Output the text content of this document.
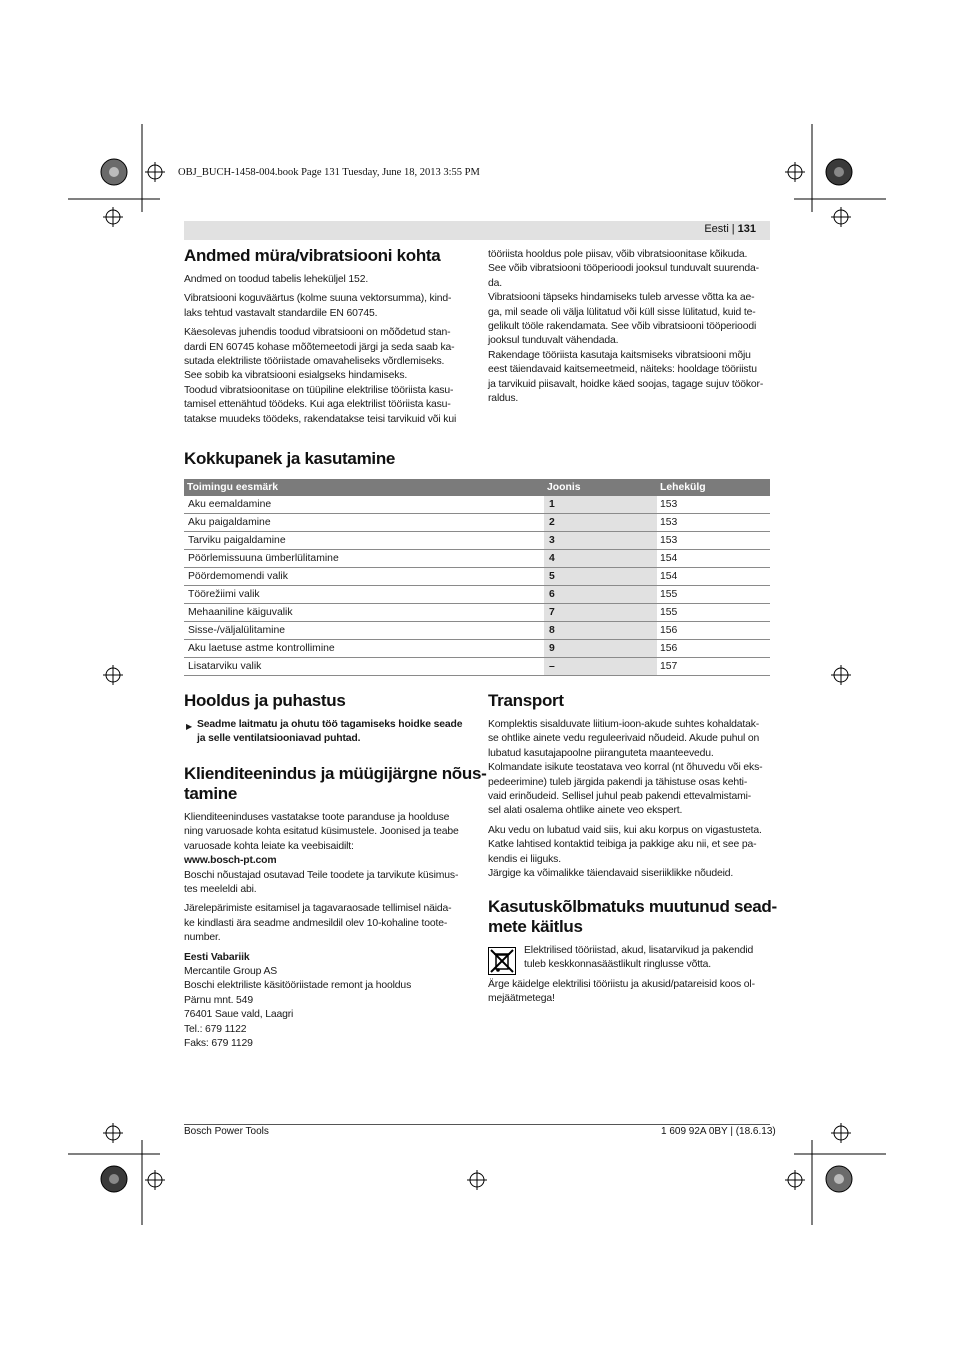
OBJ_BUCH-1458-004.book Page 131 Tuesday, June 18, 2013 3:55 PM
Eesti | 131
Andmed müra/vibratsiooni kohta

Andmed on toodud tabelis leheküljel 152.

Vibratsiooni koguväärtus (kolme suuna vektorsumma), kind-
laks tehtud vastavalt standardile EN 60745.

Käesolevas juhendis toodud vibratsiooni on mõõdetud stan-
dardi EN 60745 kohase mõõtemeetodi järgi ja seda saab ka-
sutada elektriliste tööriistade omavaheliseks võrdlemiseks.
See sobib ka vibratsiooni esialgseks hindamiseks.
Toodud vibratsioonitase on tüüpiline elektrilise tööriista kasu-
tamisel ettenähtud töödeks. Kui aga elektrilist tööriista kasu-
tatakse muudeks töödeks, rakendatakse teisi tarvikuid või kui

tööriista hooldus pole piisav, võib vibratsioonitase kõikuda.
See võib vibratsiooni tööperioodi jooksul tunduvalt suurenda-
da.
Vibratsiooni täpseks hindamiseks tuleb arvesse võtta ka ae-
ga, mil seade oli välja lülitatud või küll sisse lülitatud, kuid te-
gelikult tööle rakendamata. See võib vibratsiooni tööperioodi
jooksul tunduvalt vähendada.
Rakendage tööriista kasutaja kaitsmiseks vibratsiooni mõju
eest täiendavaid kaitsemeetmeid, näiteks: hooldage tööriistu
ja tarvikuid piisavalt, hoidke käed soojas, tagage sujuv töökor-
raldus.

Kokkupanek ja kasutamine
Toimingu eesmärk	Joonis	Lehekülg
Aku eemaldamine	1	153
Aku paigaldamine	2	153
Tarviku paigaldamine	3	153
Pöörlemissuuna ümberlülitamine	4	154
Pöördemomendi valik	5	154
Töörežiimi valik	6	155
Mehaaniline käiguvalik	7	155
Sisse-/väljalülitamine	8	156
Aku laetuse astme kontrollimine	9	156
Lisatarviku valik	–	157
Hooldus ja puhastus

▶ Seadme laitmatu ja ohutu töö tagamiseks hoidke seade
ja selle ventilatsiooniavad puhtad.

Klienditeenindus ja müügijärgne nõus-
tamine

Klienditeeninduses vastatakse toote paranduse ja hoolduse
ning varuosade kohta esitatud küsimustele. Joonised ja teabe
varuosade kohta leiate ka veebisaidilt:

www.bosch-pt.com

Boschi nõustajad osutavad Teile toodete ja tarvikute küsimus-
tes meeleldi abi.

Järelepärimiste esitamisel ja tagavaraosade tellimisel näida-
ke kindlasti ära seadme andmesildil olev 10-kohaline toote-
number.

Eesti Vabariik

Mercantile Group AS
Boschi elektriliste käsitööriistade remont ja hooldus
Pärnu mnt. 549
76401 Saue vald, Laagri
Tel.: 679 1122
Faks: 679 1129

Transport

Komplektis sisalduvate liitium-ioon-akude suhtes kohaldatak-
se ohtlike ainete vedu reguleerivaid nõudeid. Akude puhul on
lubatud kasutajapoolne piiranguteta maanteevedu.
Kolmandate isikute teostatava veo korral (nt õhuvedu või eks-
pedeerimine) tuleb järgida pakendi ja tähistuse osas kehti-
vaid erinõudeid. Sellisel juhul peab pakendi ettevalmistami-
sel alati osalema ohtlike ainete veo ekspert.

Aku vedu on lubatud vaid siis, kui aku korpus on vigastusteta.
Katke lahtised kontaktid teibiga ja pakkige aku nii, et see pa-
kendis ei liiguks.
Järgige ka võimalikke täiendavaid siseriiklikke nõudeid.

Kasutuskõlbmatuks muutunud sead-
mete käitlus

Elektrilised tööriistad, akud, lisatarvikud ja pakendid
tuleb keskkonnasäästlikult ringlusse võtta.

Ärge käidelge elektrilisi tööriistu ja akusid/patareisid koos ol-
mejäätmetega!

Bosch Power Tools	1 609 92A 0BY | (18.6.13)
